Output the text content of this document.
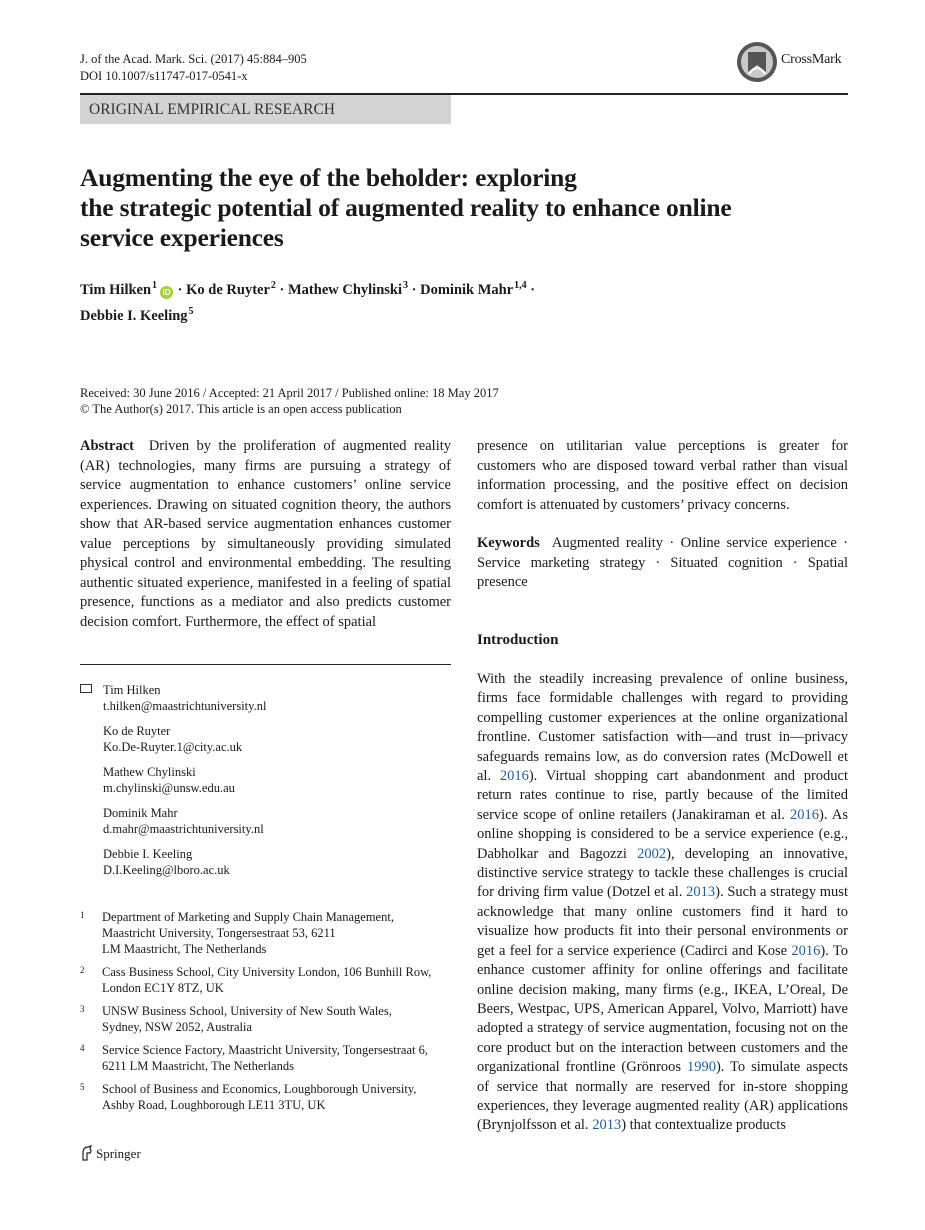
J. of the Acad. Mark. Sci. (2017) 45:884–905
DOI 10.1007/s11747-017-0541-x
CrossMark
ORIGINAL EMPIRICAL RESEARCH
Augmenting the eye of the beholder: exploring
the strategic potential of augmented reality to enhance online
service experiences
Tim Hilken$^1$iD · Ko de Ruyter$^2$ · Mathew Chylinski$^3$ · Dominik Mahr$^{1,4}$ ·
Debbie I. Keeling$^5$
Received: 30 June 2016 / Accepted: 21 April 2017 / Published online: 18 May 2017
© The Author(s) 2017. This article is an open access publication

Abstract Driven by the proliferation of augmented reality (AR) technologies, many firms are pursuing a strategy of service augmentation to enhance customers’ online service experiences. Drawing on situated cognition theory, the authors show that AR-based service augmentation enhances customer value perceptions by simultaneously providing simulated physical control and environmental embedding. The resulting authentic situated experience, manifested in a feeling of spatial presence, functions as a mediator and also predicts customer decision comfort. Furthermore, the effect of spatial

presence on utilitarian value perceptions is greater for customers who are disposed toward verbal rather than visual information processing, and the positive effect on decision comfort is attenuated by customers’ privacy concerns.

Keywords Augmented reality · Online service experience · Service marketing strategy · Situated cognition · Spatial presence

Tim Hilken
t.hilken@maastrichtuniversity.nl
Ko de Ruyter
Ko.De-Ruyter.1@city.ac.uk
Mathew Chylinski
m.chylinski@unsw.edu.au
Dominik Mahr
d.mahr@maastrichtuniversity.nl
Debbie I. Keeling
D.I.Keeling@lboro.ac.uk
1 Department of Marketing and Supply Chain Management,
Maastricht University, Tongersestraat 53, 6211
LM Maastricht, The Netherlands
2 Cass Business School, City University London, 106 Bunhill Row,
London EC1Y 8TZ, UK
3 UNSW Business School, University of New South Wales,
Sydney, NSW 2052, Australia
4 Service Science Factory, Maastricht University, Tongersestraat 6,
6211 LM Maastricht, The Netherlands
5 School of Business and Economics, Loughborough University,
Ashby Road, Loughborough LE11 3TU, UK
Introduction

With the steadily increasing prevalence of online business, firms face formidable challenges with regard to providing compelling customer experiences at the online organizational frontline. Customer satisfaction with—and trust in—privacy safeguards remains low, as do conversion rates (McDowell et al. 2016). Virtual shopping cart abandonment and product return rates continue to rise, partly because of the limited service scope of online retailers (Janakiraman et al. 2016). As online shopping is considered to be a service experience (e.g., Dabholkar and Bagozzi 2002), developing an innovative, distinctive service strategy to tackle these challenges is crucial for driving firm value (Dotzel et al. 2013). Such a strategy must acknowledge that many online customers find it hard to visualize how products fit into their personal environments or get a feel for a service experience (Cadirci and Kose 2016). To enhance customer affinity for online offerings and facilitate online decision making, many firms (e.g., IKEA, L’Oreal, De Beers, Westpac, UPS, American Apparel, Volvo, Marriott) have adopted a strategy of service augmentation, focusing not on the core product but on the interaction between customers and the organizational frontline (Grönroos 1990). To simulate aspects of service that normally are reserved for in-store shopping experiences, they leverage augmented reality (AR) applications (Brynjolfsson et al. 2013) that contextualize products

Springer
